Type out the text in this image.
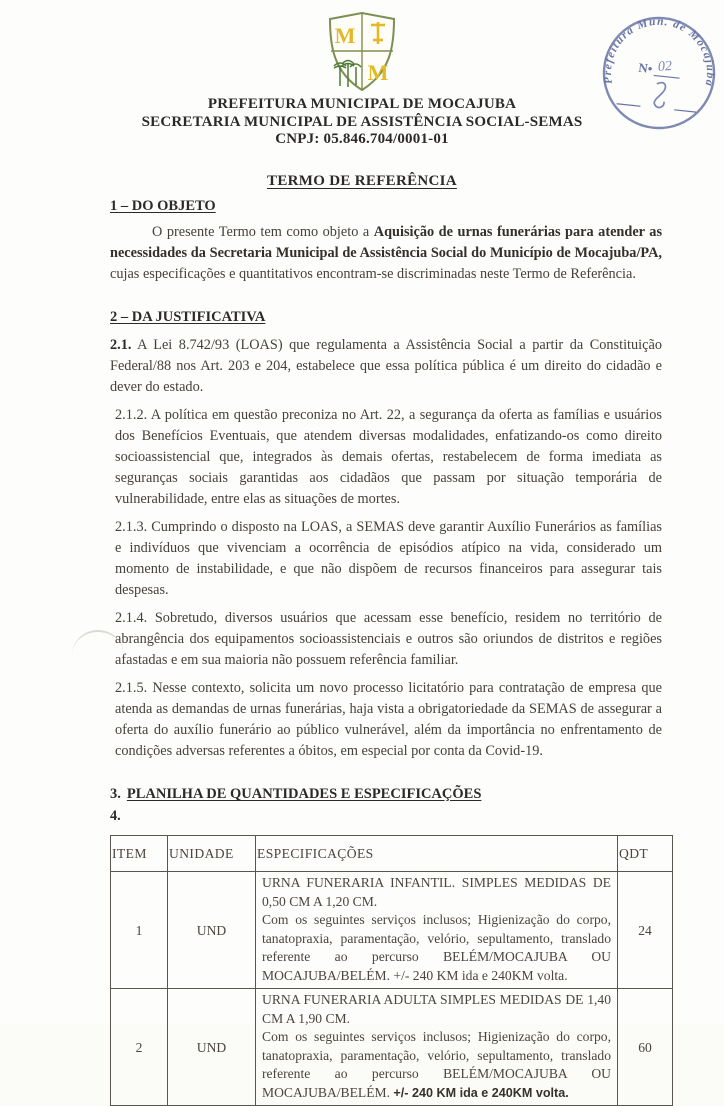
M
M	Prefeitura Mun. de Mocajuba
N• 02
PREFEITURA MUNICIPAL DE MOCAJUBA
SECRETARIA MUNICIPAL DE ASSISTÊNCIA SOCIAL-SEMAS
CNPJ: 05.846.704/0001-01
TERMO DE REFERÊNCIA
1 – DO OBJETO

O presente Termo tem como objeto a Aquisição de urnas funerárias para atender as necessidades da Secretaria Municipal de Assistência Social do Município de Mocajuba/PA, cujas especificações e quantitativos encontram-se discriminadas neste Termo de Referência.

2 – DA JUSTIFICATIVA

2.1. A Lei 8.742/93 (LOAS) que regulamenta a Assistência Social a partir da Constituição Federal/88 nos Art. 203 e 204, estabelece que essa política pública é um direito do cidadão e dever do estado.

2.1.2. A política em questão preconiza no Art. 22, a segurança da oferta as famílias e usuários dos Benefícios Eventuais, que atendem diversas modalidades, enfatizando-os como direito socioassistencial que, integrados às demais ofertas, restabelecem de forma imediata as seguranças sociais garantidas aos cidadãos que passam por situação temporária de vulnerabilidade, entre elas as situações de mortes.

2.1.3. Cumprindo o disposto na LOAS, a SEMAS deve garantir Auxílio Funerários as famílias e indivíduos que vivenciam a ocorrência de episódios atípico na vida, considerado um momento de instabilidade, e que não dispõem de recursos financeiros para assegurar tais despesas.

2.1.4. Sobretudo, diversos usuários que acessam esse benefício, residem no território de abrangência dos equipamentos socioassistenciais e outros são oriundos de distritos e regiões afastadas e em sua maioria não possuem referência familiar.

2.1.5. Nesse contexto, solicita um novo processo licitatório para contratação de empresa que atenda as demandas de urnas funerárias, haja vista a obrigatoriedade da SEMAS de assegurar a oferta do auxílio funerário ao público vulnerável, além da importância no enfrentamento de condições adversas referentes a óbitos, em especial por conta da Covid-19.

3. PLANILHA DE QUANTIDADES E ESPECIFICAÇÕES

4.
ITEM	UNIDADE	ESPECIFICAÇÕES	QDT
1	UND	URNA FUNERARIA INFANTIL. SIMPLES MEDIDAS DE 0,50 CM A 1,20 CM.
Com os seguintes serviços inclusos; Higienização do corpo, tanatopraxia, paramentação, velório, sepultamento, translado referente ao percurso BELÉM/MOCAJUBA OU MOCAJUBA/BELÉM. +/- 240 KM ida e 240KM volta.	24
2	UND	URNA FUNERARIA ADULTA SIMPLES MEDIDAS DE 1,40 CM A 1,90 CM.
Com os seguintes serviços inclusos; Higienização do corpo, tanatopraxia, paramentação, velório, sepultamento, translado referente ao percurso BELÉM/MOCAJUBA OU MOCAJUBA/BELÉM. +/- 240 KM ida e 240KM volta.	60
